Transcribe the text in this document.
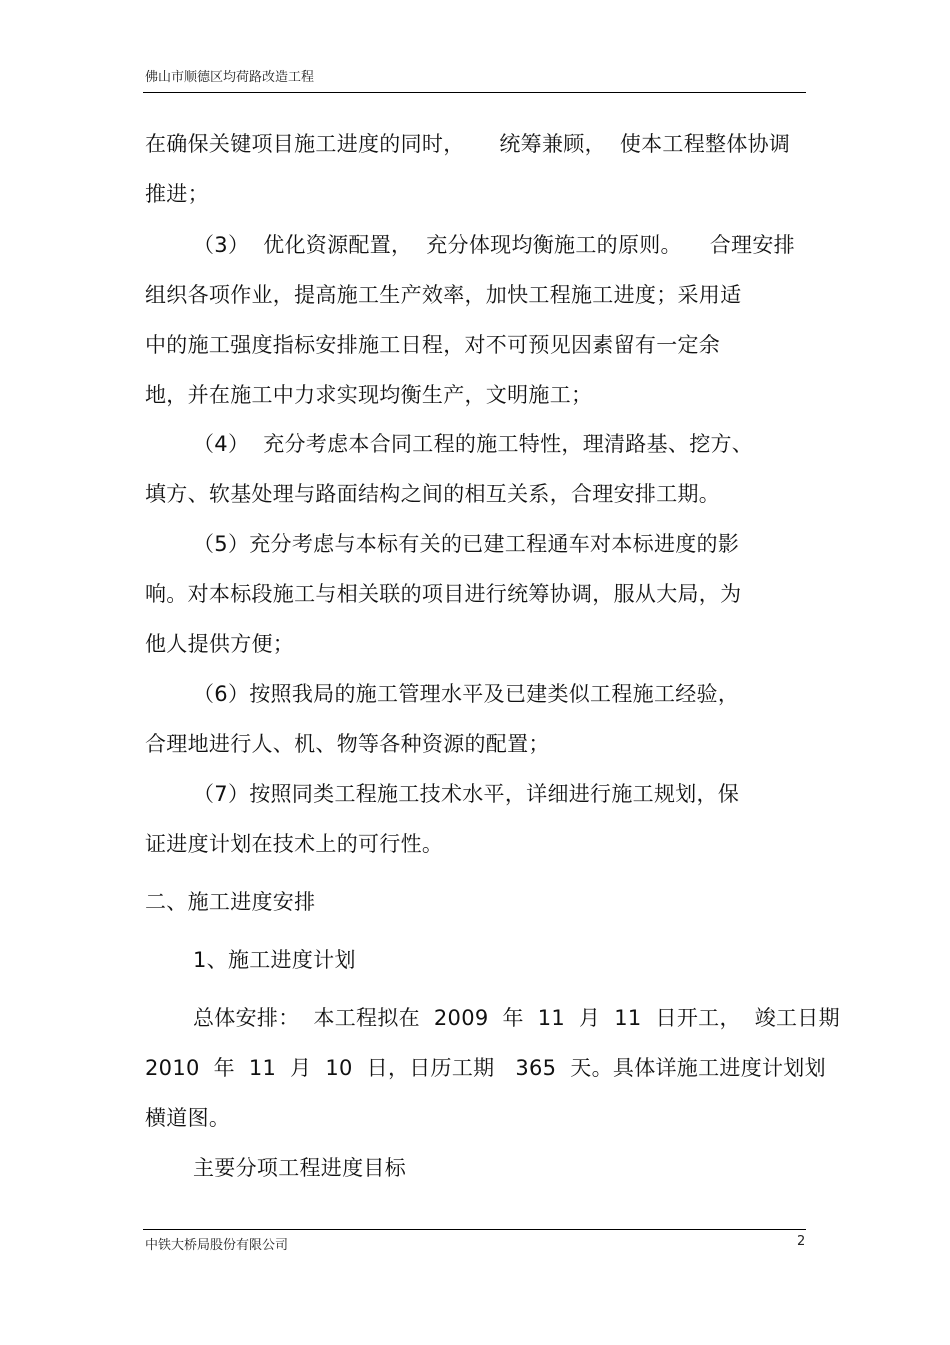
佛山市顺德区均荷路改造工程
在确保关键项目施工进度的同时，     统筹兼顾，  使本工程整体协调
推进；
（3）  优化资源配置，  充分体现均衡施工的原则。    合理安排
组织各项作业，提高施工生产效率，加快工程施工进度；采用适
中的施工强度指标安排施工日程，对不可预见因素留有一定余
地，并在施工中力求实现均衡生产，文明施工；
（4）  充分考虑本合同工程的施工特性，理清路基、挖方、
填方、软基处理与路面结构之间的相互关系，合理安排工期。
（5）充分考虑与本标有关的已建工程通车对本标进度的影
响。对本标段施工与相关联的项目进行统筹协调，服从大局，为
他人提供方便；
（6）按照我局的施工管理水平及已建类似工程施工经验，
合理地进行人、机、物等各种资源的配置；
（7）按照同类工程施工技术水平，详细进行施工规划，保
证进度计划在技术上的可行性。
二、施工进度安排
1、施工进度计划
总体安排：  本工程拟在  2009  年  11  月  11  日开工，  竣工日期
2010  年  11  月  10  日，日历工期   365  天。具体详施工进度计划划
横道图。
主要分项工程进度目标
中铁大桥局股份有限公司	2
